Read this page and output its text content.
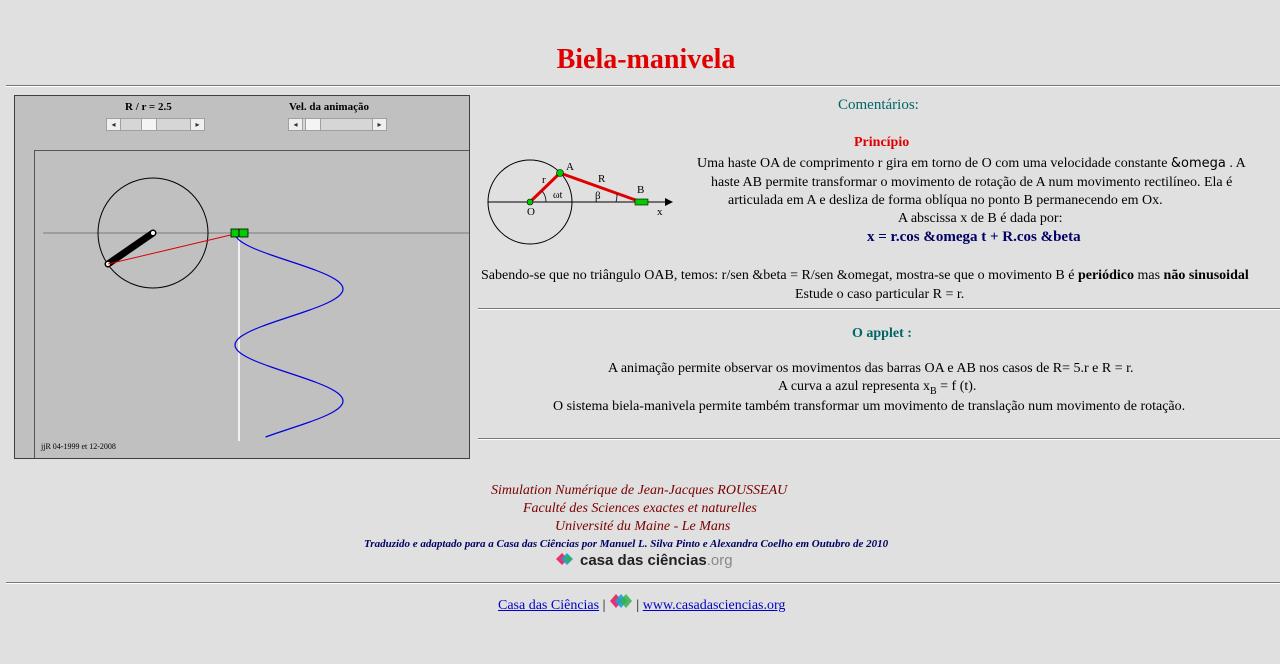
Biela-manivela
R / r = 2.5
◂	▸
Vel. da animação
◂	▸
jjR 04-1999 et 12-2008
Comentários:
Princípio
A
B
O
r	R
ωt	β
x
Uma haste OA de comprimento r gira em torno de O com uma velocidade constante &omega . A
haste AB permite transformar o movimento de rotação de A num movimento rectilíneo. Ela é
articulada em A e desliza de forma oblíqua no ponto B permanecendo em Ox.
A abscissa x de B é dada por:
x = r.cos &omega t + R.cos &beta
Sabendo-se que no triângulo OAB, temos: r/sen &beta = R/sen &omegat, mostra-se que o movimento B é periódico mas não sinusoidal
Estude o caso particular R = r.
O applet :
A animação permite observar os movimentos das barras OA e AB nos casos de R= 5.r e R = r.
A curva a azul representa $x_B = f$ (t).
O sistema biela-manivela permite também transformar um movimento de translação num movimento de rotação.
Simulation Numérique de Jean-Jacques ROUSSEAU
Faculté des Sciences exactes et naturelles
Université du Maine - Le Mans
Traduzido e adaptado para a Casa das Ciências por Manuel L. Silva Pinto e Alexandra Coelho em Outubro de 2010
casa das ciências.org
Casa das Ciências | | www.casadasciencias.org
